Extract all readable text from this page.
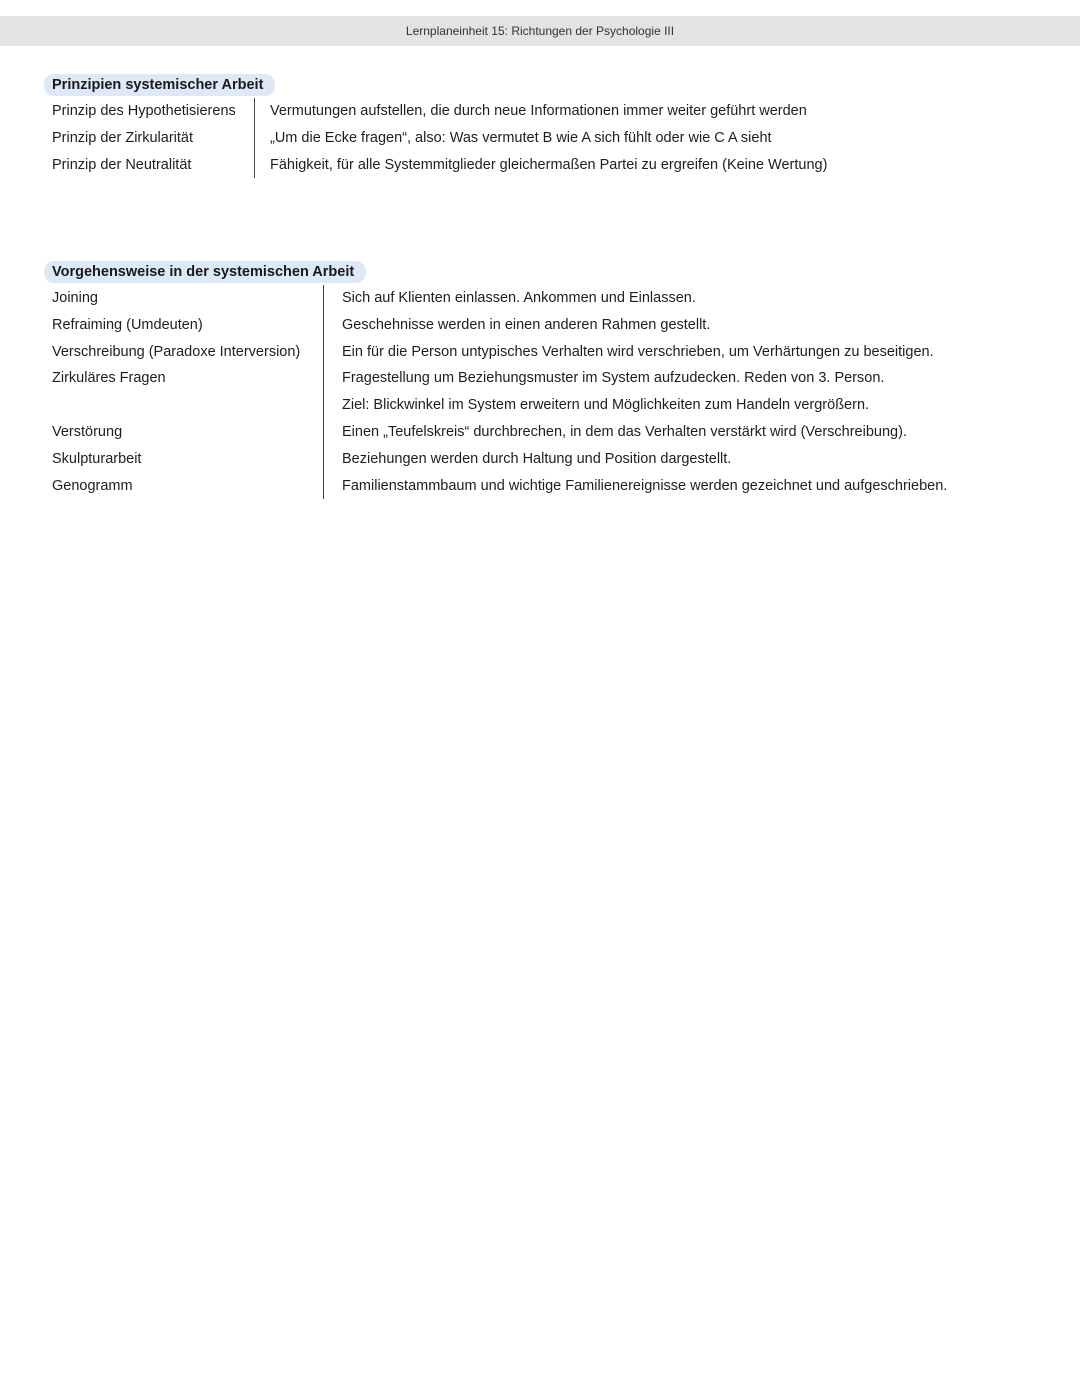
Lernplaneinheit 15: Richtungen der Psychologie III
Prinzipien systemischer Arbeit
Prinzip des Hypothetisierens
Prinzip der Zirkularität
Prinzip der Neutralität
Vermutungen aufstellen, die durch neue Informationen immer weiter geführt werden
„Um die Ecke fragen“, also: Was vermutet B wie A sich fühlt oder wie C A sieht
Fähigkeit, für alle Systemmitglieder gleichermaßen Partei zu ergreifen (Keine Wertung)
Vorgehensweise in der systemischen Arbeit
Joining
Refraiming (Umdeuten)
Verschreibung (Paradoxe Interversion)
Zirkuläres Fragen
Verstörung
Skulpturarbeit
Genogramm
Sich auf Klienten einlassen. Ankommen und Einlassen.
Geschehnisse werden in einen anderen Rahmen gestellt.
Ein für die Person untypisches Verhalten wird verschrieben, um Verhärtungen zu beseitigen.
Fragestellung um Beziehungsmuster im System aufzudecken. Reden von 3. Person.
Ziel: Blickwinkel im System erweitern und Möglichkeiten zum Handeln vergrößern.
Einen „Teufelskreis“ durchbrechen, in dem das Verhalten verstärkt wird (Verschreibung).
Beziehungen werden durch Haltung und Position dargestellt.
Familienstammbaum und wichtige Familienereignisse werden gezeichnet und aufgeschrieben.
